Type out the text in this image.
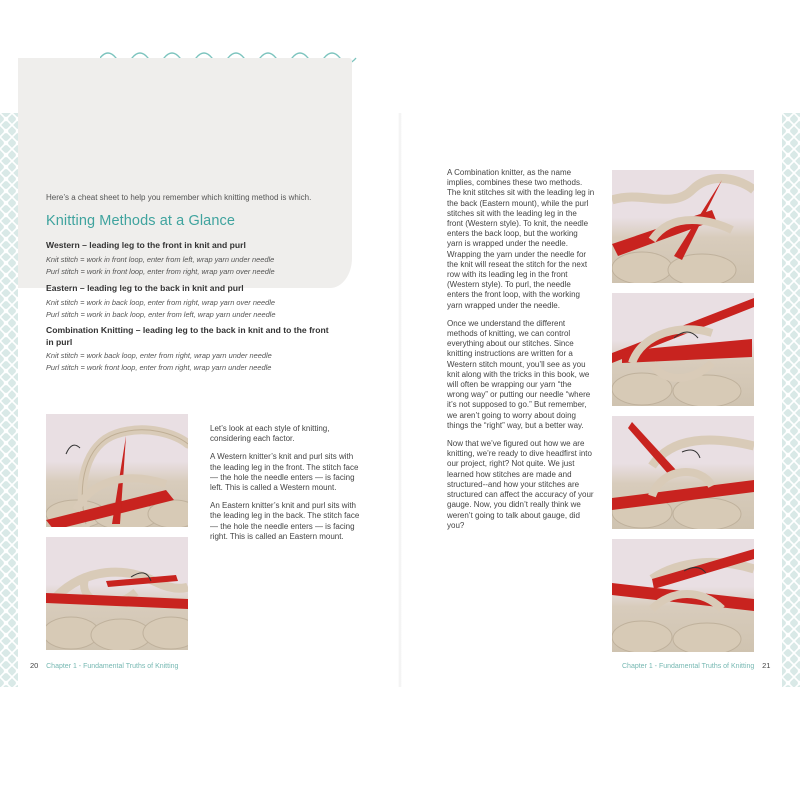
Here’s a cheat sheet to help you remember which knitting method is which.
Knitting Methods at a Glance
Western – leading leg to the front in knit and purl

Knit stitch = work in front loop, enter from left, wrap yarn under needle

Purl stitch = work in front loop, enter from right, wrap yarn over needle

Eastern – leading leg to the back in knit and purl

Knit stitch = work in back loop, enter from right, wrap yarn over needle

Purl stitch = work in back loop, enter from left, wrap yarn under needle

Combination Knitting – leading leg to the back in knit and to the front in purl

Knit stitch = work back loop, enter from right, wrap yarn under needle

Purl stitch = work front loop, enter from right, wrap yarn under needle

Let’s look at each style of knitting, considering each factor.

A Western knitter’s knit and purl sits with the leading leg in the front. The stitch face — the hole the needle enters — is facing left. This is called a Western mount.

An Eastern knitter’s knit and purl sits with the leading leg in the back. The stitch face — the hole the needle enters — is facing right. This is called an Eastern mount.

A Combination knitter, as the name implies, combines these two methods. The knit stitches sit with the leading leg in the back (Eastern mount), while the purl stitches sit with the leading leg in the front (Western style). To knit, the needle enters the back loop, but the working yarn is wrapped under the needle. Wrapping the yarn under the needle for the knit will reseat the stitch for the next row with its leading leg in the front (Western style). To purl, the needle enters the front loop, with the working yarn wrapped under the needle.

Once we understand the different methods of knitting, we can control everything about our stitches. Since knitting instructions are written for a Western stitch mount, you’ll see as you knit along with the tricks in this book, we will often be wrapping our yarn “the wrong way” or putting our needle “where it’s not supposed to go.” But remember, we aren’t going to worry about doing things the “right” way, but a better way.

Now that we’ve figured out how we are knitting, we’re ready to dive headfirst into our project, right? Not quite. We just learned how stitches are made and structured--and how your stitches are structured can affect the accuracy of your gauge. Now, you didn’t really think we weren’t going to talk about gauge, did you?

20 Chapter 1 - Fundamental Truths of Knitting	Chapter 1 - Fundamental Truths of Knitting 21
